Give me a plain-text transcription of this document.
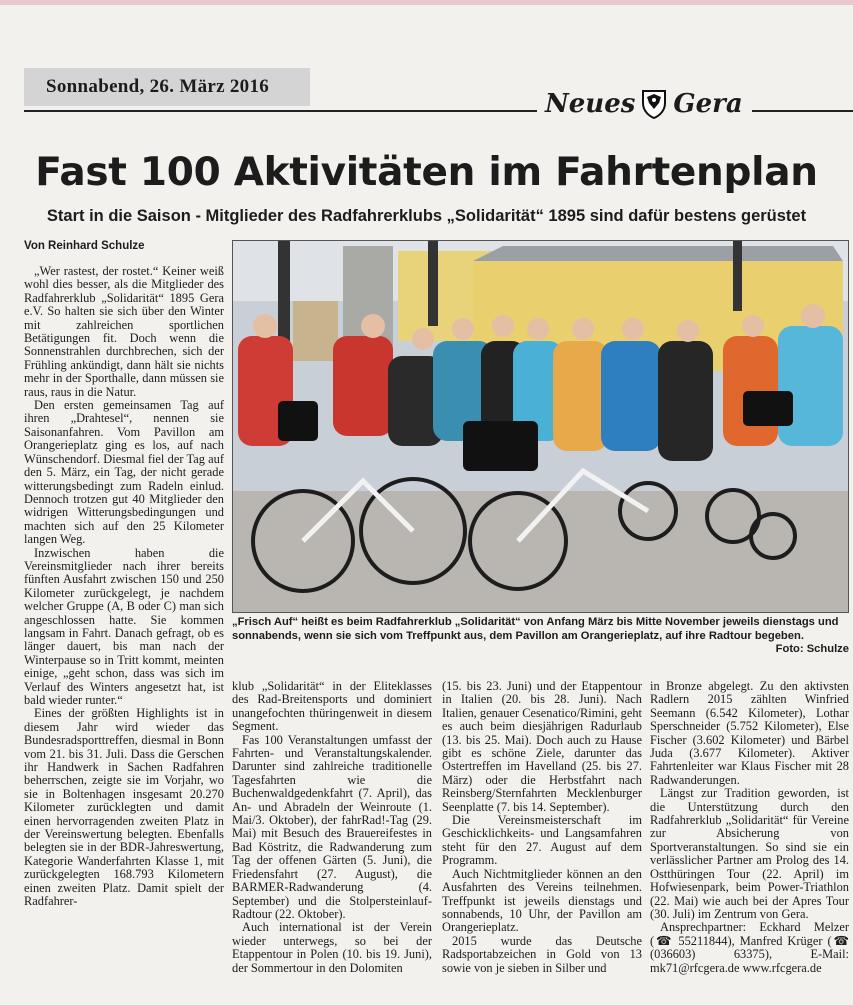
Sonnabend, 26. März 2016
Neues Gera
Fast 100 Aktivitäten im Fahrtenplan
Start in die Saison - Mitglieder des Radfahrerklubs „Solidarität“ 1895 sind dafür bestens gerüstet
Von Reinhard Schulze

„Wer rastest, der rostet.“ Keiner weiß wohl dies besser, als die Mitglieder des Radfahrerklub „Solidarität“ 1895 Gera e.V. So halten sie sich über den Winter mit zahlreichen sportlichen Betätigungen fit. Doch wenn die Sonnenstrahlen durchbrechen, sich der Frühling ankündigt, dann hält sie nichts mehr in der Sporthalle, dann müssen sie raus, raus in die Natur.

Den ersten gemeinsamen Tag auf ihren „Drahtesel“, nennen sie Saisonanfahren. Vom Pavillon am Orangerieplatz ging es los, auf nach Wünschendorf. Diesmal fiel der Tag auf den 5. März, ein Tag, der nicht gerade witterungsbedingt zum Radeln einlud. Dennoch trotzen gut 40 Mitglieder den widrigen Witterungsbedingungen und machten sich auf den 25 Kilometer langen Weg.

Inzwischen haben die Vereinsmitglieder nach ihrer bereits fünften Ausfahrt zwischen 150 und 250 Kilometer zurückgelegt, je nachdem welcher Gruppe (A, B oder C) man sich angeschlossen hatte. Sie kommen langsam in Fahrt. Danach gefragt, ob es länger dauert, bis man nach der Winterpause so in Tritt kommt, meinten einige, „geht schon, dass was sich im Verlauf des Winters angesetzt hat, ist bald wieder runter.“

Eines der größten Highlights ist in diesem Jahr wird wieder das Bundesradsporttreffen, diesmal in Bonn vom 21. bis 31. Juli. Dass die Gerschen ihr Handwerk in Sachen Radfahren beherrschen, zeigte sie im Vorjahr, wo sie in Boltenhagen insgesamt 20.270 Kilometer zurücklegten und damit einen hervorragenden zweiten Platz in der Vereinswertung belegten. Ebenfalls belegten sie in der BDR-Jahreswertung, Kategorie Wanderfahrten Klasse 1, mit zurückgelegten 168.793 Kilometern einen zweiten Platz. Damit spielt der Radfahrer-

„Frisch Auf“ heißt es beim Radfahrerklub „Solidarität“ von Anfang März bis Mitte November jeweils dienstags und sonnabends, wenn sie sich vom Treffpunkt aus, dem Pavillon am Orangerieplatz, auf ihre Radtour begeben.
Foto: Schulze

klub „Solidarität“ in der Eliteklasses des Rad-Breitensports und dominiert unangefochten thüringenweit in diesem Segment.

Fas 100 Veranstaltungen umfasst der Fahrten- und Veranstaltungskalender. Darunter sind zahlreiche traditionelle Tagesfahrten wie die Buchenwaldgedenkfahrt (7. April), das An- und Abradeln der Weinroute (1. Mai/3. Oktober), der fahrRad!-Tag (29. Mai) mit Besuch des Brauereifestes in Bad Köstritz, die Radwanderung zum Tag der offenen Gärten (5. Juni), die Friedensfahrt (27. August), die BARMER-Radwanderung (4. September) und die Stolpersteinlauf-Radtour (22. Oktober).

Auch international ist der Verein wieder unterwegs, so bei der Etappentour in Polen (10. bis 19. Juni), der Sommertour in den Dolomiten

(15. bis 23. Juni) und der Etappentour in Italien (20. bis 28. Juni). Nach Italien, genauer Cesenatico/Rimini, geht es auch beim diesjährigen Radurlaub (13. bis 25. Mai). Doch auch zu Hause gibt es schöne Ziele, darunter das Ostertreffen im Havelland (25. bis 27. März) oder die Herbstfahrt nach Reinsberg/Sternfahrten Mecklenburger Seenplatte (7. bis 14. September).

Die Vereinsmeisterschaft im Geschicklichkeits- und Langsamfahren steht für den 27. August auf dem Programm.

Auch Nichtmitglieder können an den Ausfahrten des Vereins teilnehmen. Treffpunkt ist jeweils dienstags und sonnabends, 10 Uhr, der Pavillon am Orangerieplatz.

2015 wurde das Deutsche Radsportabzeichen in Gold von 13 sowie von je sieben in Silber und

in Bronze abgelegt. Zu den aktivsten Radlern 2015 zählten Winfried Seemann (6.542 Kilometer), Lothar Sperschneider (5.752 Kilometer), Else Fischer (3.602 Kilometer) und Bärbel Juda (3.677 Kilometer). Aktiver Fahrtenleiter war Klaus Fischer mit 28 Radwanderungen.

Längst zur Tradition geworden, ist die Unterstützung durch den Radfahrerklub „Solidarität“ für Vereine zur Absicherung von Sportveranstaltungen. So sind sie ein verlässlicher Partner am Prolog des 14. Ostthüringen Tour (22. April) im Hofwiesenpark, beim Power-Triathlon (22. Mai) wie auch bei der Apres Tour (30. Juli) im Zentrum von Gera.

Ansprechpartner: Eckhard Melzer (☎ 55211844), Manfred Krüger (☎ (036603) 63375), E-Mail: mk71@rfcgera.de www.rfcgera.de
